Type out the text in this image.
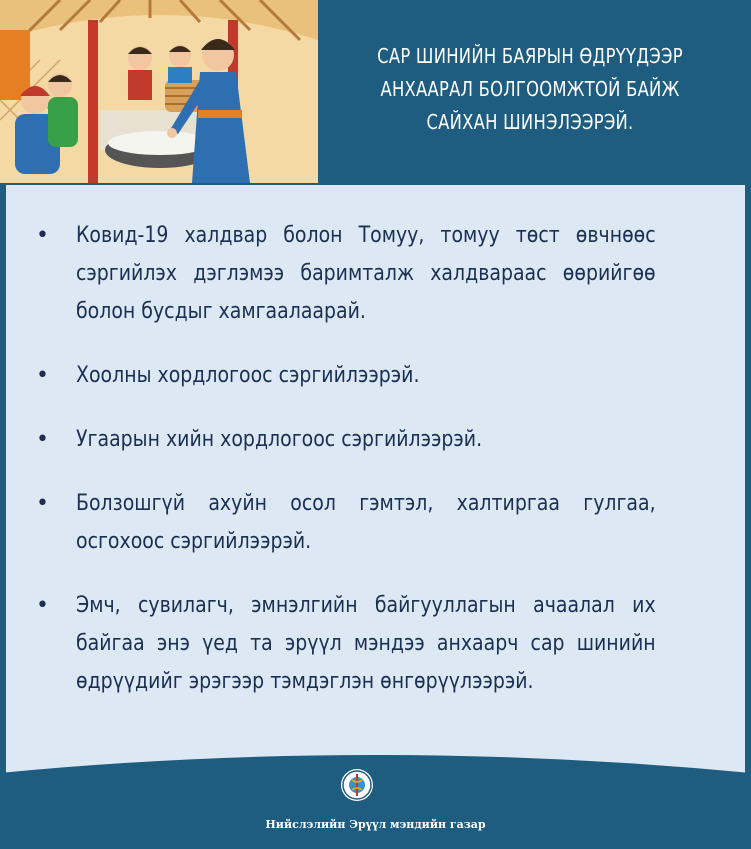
САР ШИНИЙН БАЯРЫН ӨДРҮҮДЭЭР
АНХААРАЛ БОЛГООМЖТОЙ БАЙЖ
САЙХАН ШИНЭЛЭЭРЭЙ.
• Ковид-19 халдвар болон Томуу, томуу төст өвчнөөс сэргийлэх дэглэмээ баримталж халдвараас өөрийгөө болон бусдыг хамгаалаарай.

• Хоолны хордлогоос сэргийлээрэй.

• Угаарын хийн хордлогоос сэргийлээрэй.

• Болзошгүй ахуйн осол гэмтэл, халтиргаа гулгаа, осгохоос сэргийлээрэй.

• Эмч, сувилагч, эмнэлгийн байгууллагын ачаалал их байгаа энэ үед та эрүүл мэндээ анхаарч сар шинийн өдрүүдийг эрэгээр тэмдэглэн өнгөрүүлээрэй.

Нийслэлийн Эрүүл мэндийн газар
